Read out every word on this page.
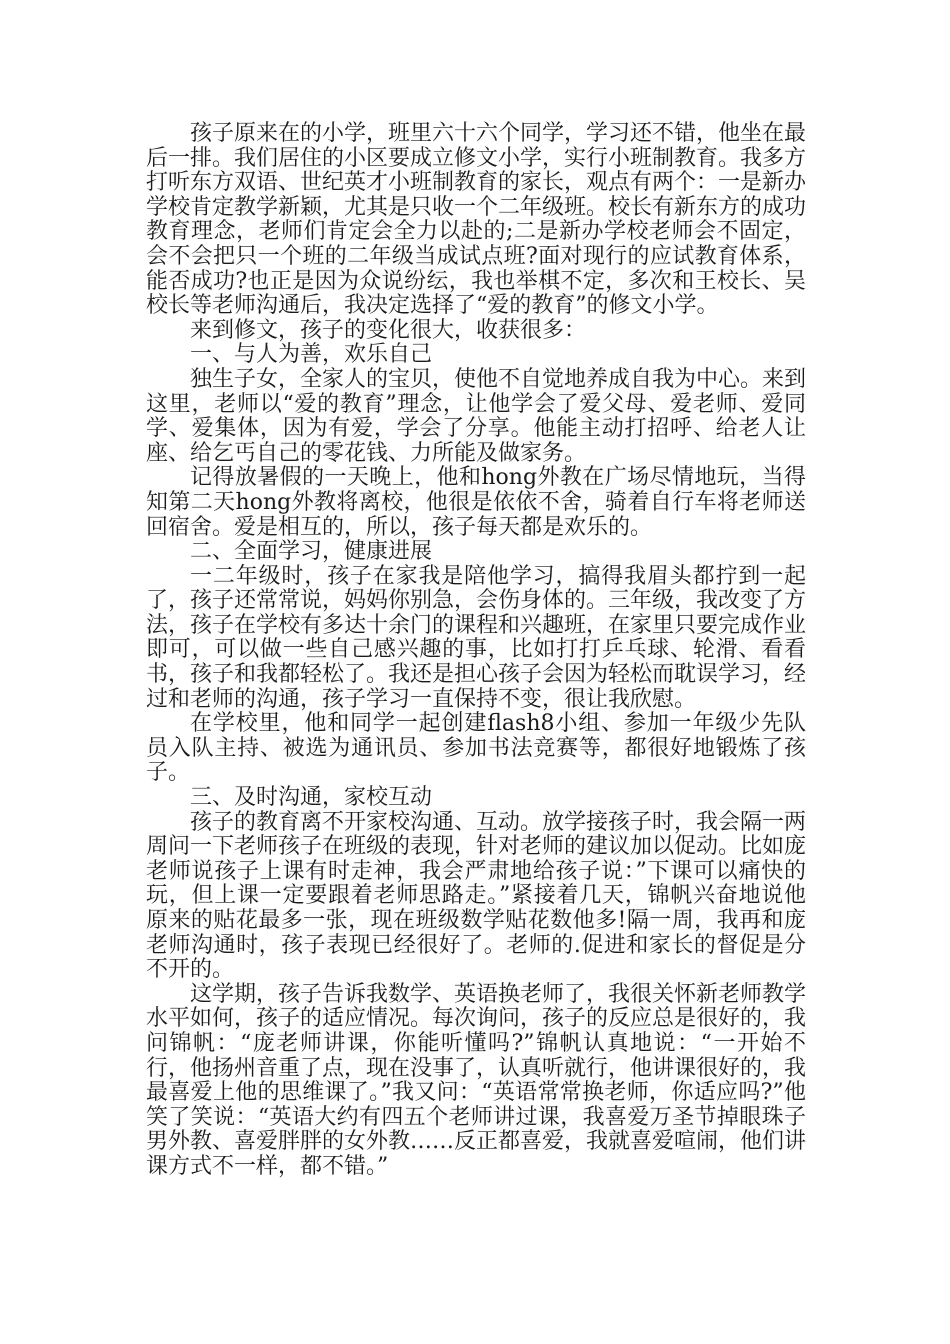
孩子原来在的小学，班里六十六个同学，学习还不错，他坐在最后一排。我们居住的小区要成立修文小学，实行小班制教育。我多方打听东方双语、世纪英才小班制教育的家长，观点有两个：一是新办学校肯定教学新颖，尤其是只收一个二年级班。校长有新东方的成功教育理念，老师们肯定会全力以赴的;二是新办学校老师会不固定，会不会把只一个班的二年级当成试点班?面对现行的应试教育体系，能否成功?也正是因为众说纷纭，我也举棋不定，多次和王校长、吴校长等老师沟通后，我决定选择了“爱的教育”的修文小学。

来到修文，孩子的变化很大，收获很多：

一、与人为善，欢乐自己

独生子女，全家人的宝贝，使他不自觉地养成自我为中心。来到这里，老师以“爱的教育”理念，让他学会了爱父母、爱老师、爱同学、爱集体，因为有爱，学会了分享。他能主动打招呼、给老人让座、给乞丐自己的零花钱、力所能及做家务。

记得放暑假的一天晚上，他和hong外教在广场尽情地玩，当得知第二天hong外教将离校，他很是依依不舍，骑着自行车将老师送回宿舍。爱是相互的，所以，孩子每天都是欢乐的。

二、全面学习，健康进展

一二年级时，孩子在家我是陪他学习，搞得我眉头都拧到一起了，孩子还常常说，妈妈你别急，会伤身体的。三年级，我改变了方法，孩子在学校有多达十余门的课程和兴趣班，在家里只要完成作业即可，可以做一些自己感兴趣的事，比如打打乒乓球、轮滑、看看书，孩子和我都轻松了。我还是担心孩子会因为轻松而耽误学习，经过和老师的沟通，孩子学习一直保持不变，很让我欣慰。

在学校里，他和同学一起创建flash8小组、参加一年级少先队员入队主持、被选为通讯员、参加书法竞赛等，都很好地锻炼了孩子。

三、及时沟通，家校互动

孩子的教育离不开家校沟通、互动。放学接孩子时，我会隔一两周问一下老师孩子在班级的表现，针对老师的建议加以促动。比如庞老师说孩子上课有时走神，我会严肃地给孩子说：”下课可以痛快的玩，但上课一定要跟着老师思路走。”紧接着几天，锦帆兴奋地说他原来的贴花最多一张，现在班级数学贴花数他多!隔一周，我再和庞老师沟通时，孩子表现已经很好了。老师的.促进和家长的督促是分不开的。

这学期，孩子告诉我数学、英语换老师了，我很关怀新老师教学水平如何，孩子的适应情况。每次询问，孩子的反应总是很好的，我问锦帆：“庞老师讲课，你能听懂吗?”锦帆认真地说：“一开始不行，他扬州音重了点，现在没事了，认真听就行，他讲课很好的，我最喜爱上他的思维课了。”我又问：“英语常常换老师，你适应吗?”他笑了笑说：“英语大约有四五个老师讲过课，我喜爱万圣节掉眼珠子男外教、喜爱胖胖的女外教……反正都喜爱，我就喜爱喧闹，他们讲课方式不一样，都不错。”
